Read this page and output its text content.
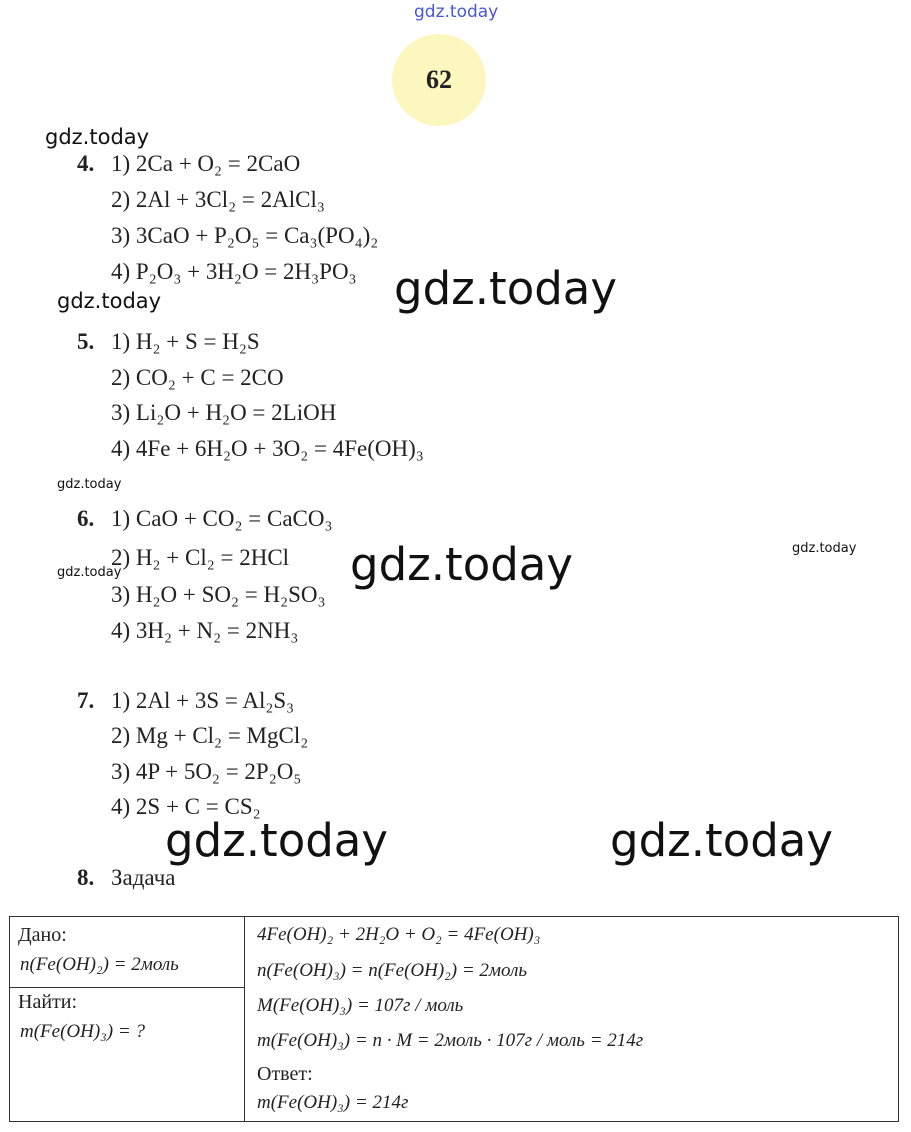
gdz.today
gdz.today
gdz.today
gdz.today
gdz.today
gdz.today	gdz.today
gdz.today
gdz.today	gdz.today
62
4. 1) 2Ca + O₂ = 2CaO
2) 2Al + 3Cl₂ = 2AlCl₃
3) 3CaO + P₂O₅ = Ca₃(PO₄)₂
4) P₂O₃ + 3H₂O = 2H₃PO₃
5. 1) H₂ + S = H₂S
2) CO₂ + C = 2CO
3) Li₂O + H₂O = 2LiOH
4) 4Fe + 6H₂O + 3O₂ = 4Fe(OH)₃
6. 1) CaO + CO₂ = CaCO₃
2) H₂ + Cl₂ = 2HCl
3) H₂O + SO₂ = H₂SO₃
4) 3H₂ + N₂ = 2NH₃
7. 1) 2Al + 3S = Al₂S₃
2) Mg + Cl₂ = MgCl₂
3) 4P + 5O₂ = 2P₂O₅
4) 2S + C = CS₂
8. Задача
Дано:
n(Fe(OH)₂) = 2моль
Найти:
m(Fe(OH)₃) = ?
4Fe(OH)₂ + 2H₂O + O₂ = 4Fe(OH)₃
n(Fe(OH)₃) = n(Fe(OH)₂) = 2моль
M(Fe(OH)₃) = 107г / моль
m(Fe(OH)₃) = n · M = 2моль · 107г / моль = 214г
Ответ:
m(Fe(OH)₃) = 214г
